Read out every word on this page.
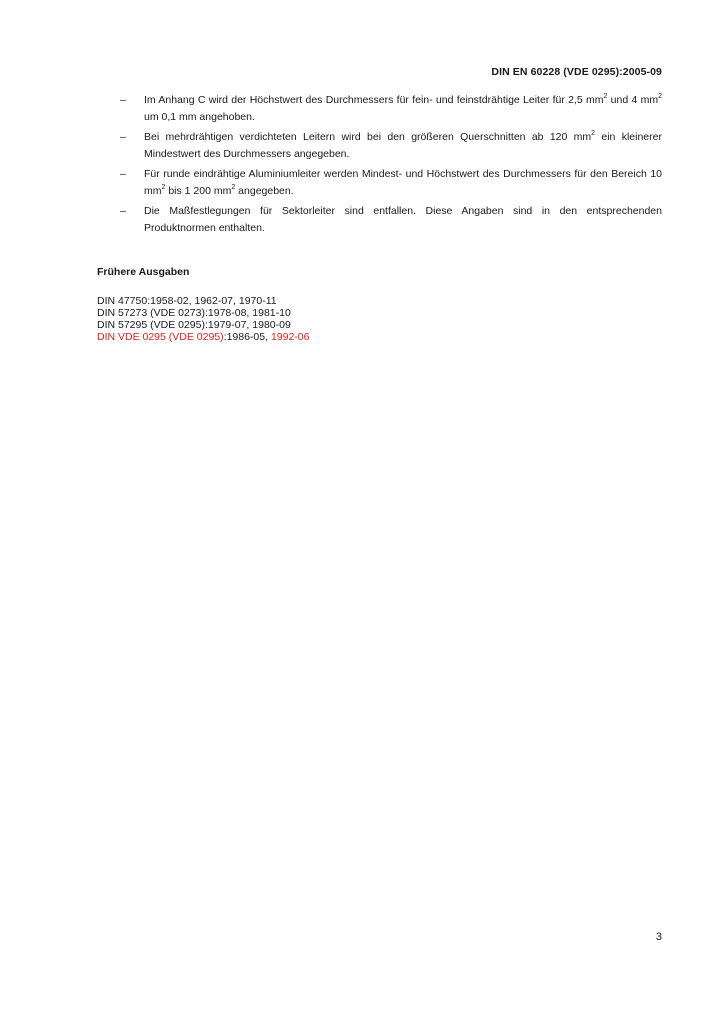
DIN EN 60228 (VDE 0295):2005-09
– Im Anhang C wird der Höchstwert des Durchmessers für fein- und feinstdrähtige Leiter für 2,5 $mm^2$ und 4 $mm^2$ um 0,1 mm angehoben.
– Bei mehrdrähtigen verdichteten Leitern wird bei den größeren Querschnitten ab 120 $mm^2$ ein kleinerer Mindestwert des Durchmessers angegeben.
– Für runde eindrähtige Aluminiumleiter werden Mindest- und Höchstwert des Durchmessers für den Bereich 10 $mm^2$ bis 1 200 $mm^2$ angegeben.
– Die Maßfestlegungen für Sektorleiter sind entfallen. Diese Angaben sind in den entsprechenden Produktnormen enthalten.
Frühere Ausgaben
DIN 47750:1958-02, 1962-07, 1970-11
DIN 57273 (VDE 0273):1978-08, 1981-10
DIN 57295 (VDE 0295):1979-07, 1980-09
DIN VDE 0295 (VDE 0295):1986-05, 1992-06
3
